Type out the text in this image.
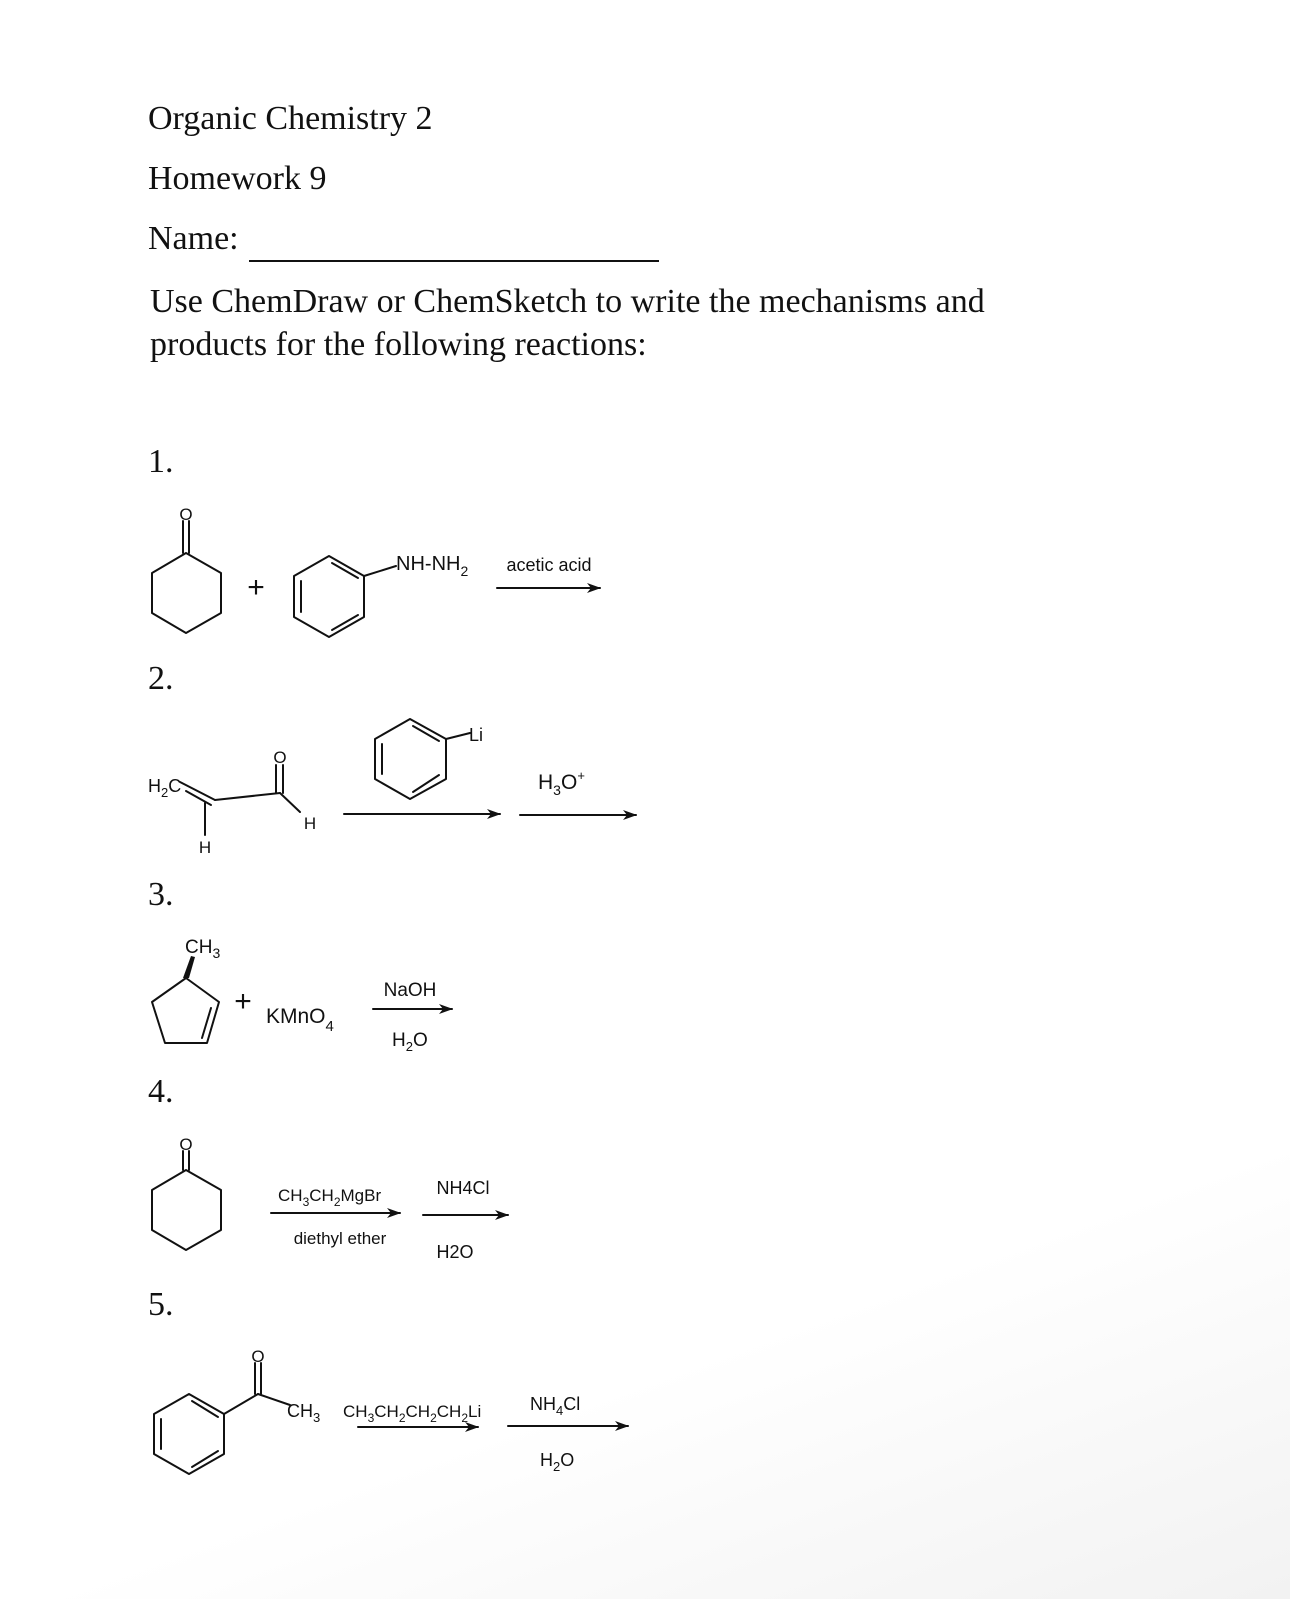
Organic Chemistry 2
Homework 9
Name:
Use ChemDraw or ChemSketch to write the mechanisms and products for the following reactions:
1.
2.
3.
4.
5.
O
+
$NH-NH_2$ acetic acid
$H_2C$
O
H
H
Li
$H_3O^+$
$CH_3$
+ KMnO$_4$
NaOH
$H_2O$
O
$CH_3CH_2MgBr$
diethyl ether
NH4Cl
H2O
O
$CH_3$ $CH_3CH_2CH_2CH_2Li$	$NH_4Cl$
$H_2O$
